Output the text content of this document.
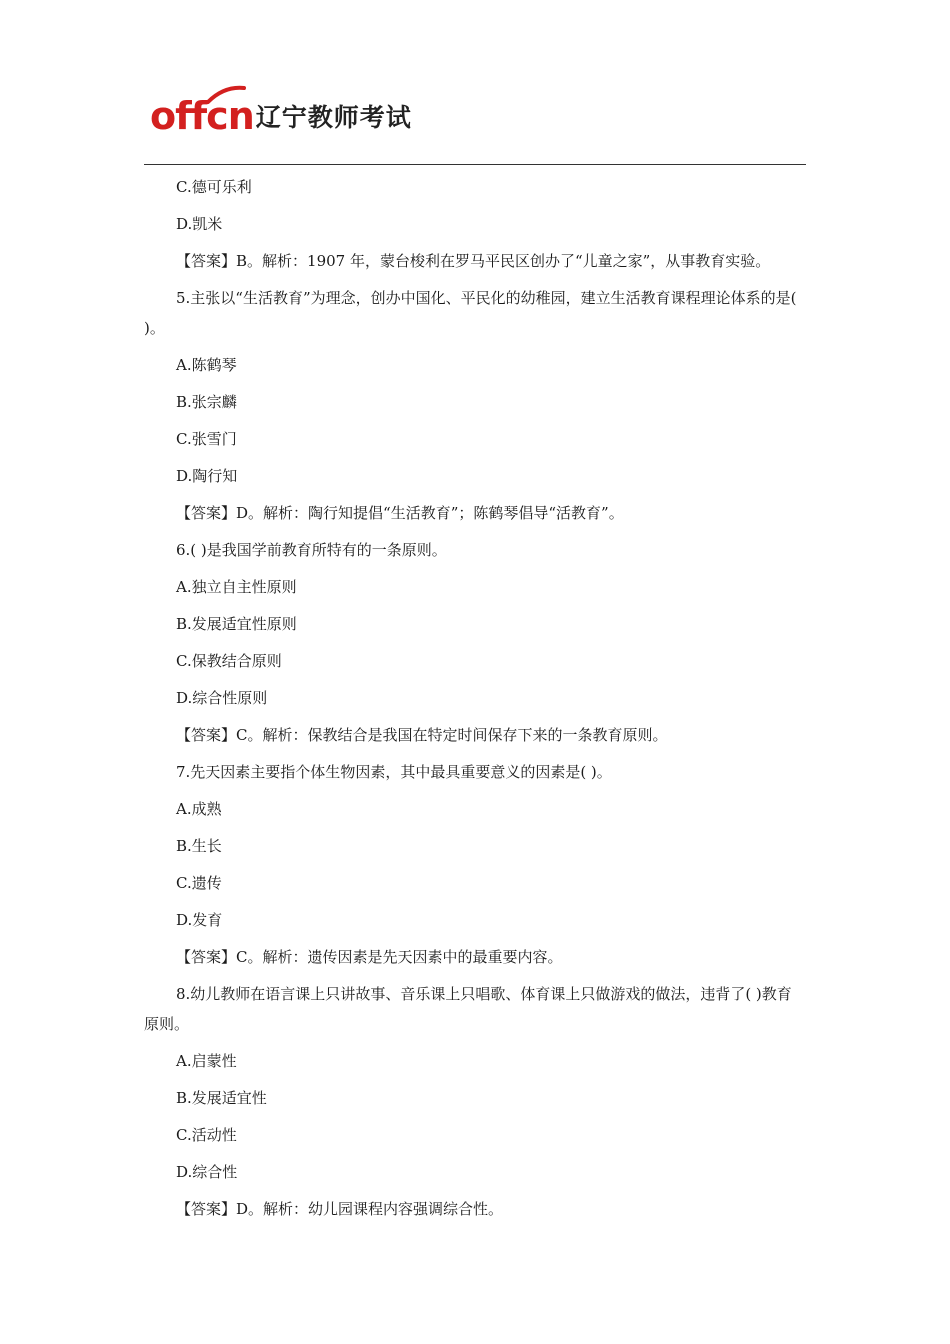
offcn 辽宁教师考试

C.德可乐利

D.凯米

【答案】B。解析：1907 年，蒙台梭利在罗马平民区创办了“儿童之家”，从事教育实验。

5.主张以“生活教育”为理念，创办中国化、平民化的幼稚园，建立生活教育课程理论体系的是( )。

A.陈鹤琴

B.张宗麟

C.张雪门

D.陶行知

【答案】D。解析：陶行知提倡“生活教育”；陈鹤琴倡导“活教育”。

6.( )是我国学前教育所特有的一条原则。

A.独立自主性原则

B.发展适宜性原则

C.保教结合原则

D.综合性原则

【答案】C。解析：保教结合是我国在特定时间保存下来的一条教育原则。

7.先天因素主要指个体生物因素，其中最具重要意义的因素是( )。

A.成熟

B.生长

C.遗传

D.发育

【答案】C。解析：遗传因素是先天因素中的最重要内容。

8.幼儿教师在语言课上只讲故事、音乐课上只唱歌、体育课上只做游戏的做法，违背了( )教育原则。

A.启蒙性

B.发展适宜性

C.活动性

D.综合性

【答案】D。解析：幼儿园课程内容强调综合性。
